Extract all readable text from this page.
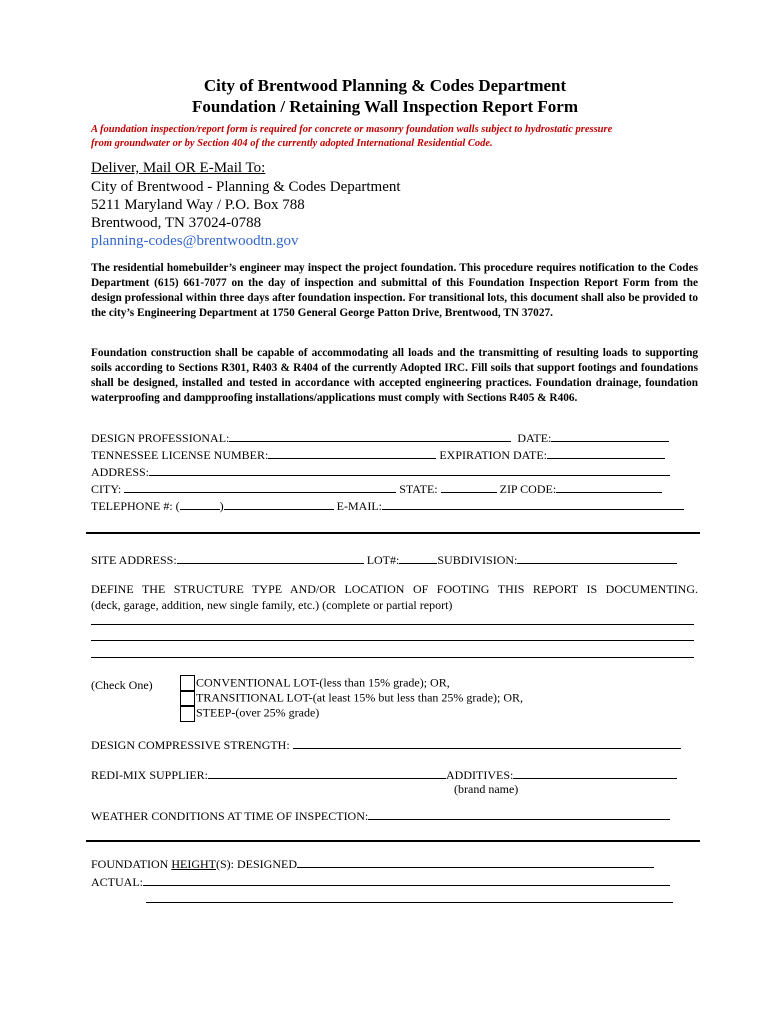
City of Brentwood Planning & Codes Department
Foundation / Retaining Wall Inspection Report Form
A foundation inspection/report form is required for concrete or masonry foundation walls subject to hydrostatic pressure
from groundwater or by Section 404 of the currently adopted International Residential Code.
Deliver, Mail OR E-Mail To:
City of Brentwood - Planning & Codes Department
5211 Maryland Way / P.O. Box 788
Brentwood, TN 37024-0788
planning-codes@brentwoodtn.gov
The residential homebuilder’s engineer may inspect the project foundation. This procedure requires notification to the Codes Department (615) 661-7077 on the day of inspection and submittal of this Foundation Inspection Report Form from the design professional within three days after foundation inspection. For transitional lots, this document shall also be provided to the city’s Engineering Department at 1750 General George Patton Drive, Brentwood, TN 37027.
Foundation construction shall be capable of accommodating all loads and the transmitting of resulting loads to supporting soils according to Sections R301, R403 & R404 of the currently Adopted IRC. Fill soils that support footings and foundations shall be designed, installed and tested in accordance with accepted engineering practices. Foundation drainage, foundation waterproofing and dampproofing installations/applications must comply with Sections R405 & R406.
DESIGN PROFESSIONAL:	DATE:
TENNESSEE LICENSE NUMBER:	EXPIRATION DATE:
ADDRESS:
CITY:	STATE:	ZIP CODE:
TELEPHONE #: (	)	E-MAIL:
SITE ADDRESS:	LOT#:	SUBDIVISION:
DEFINE THE STRUCTURE TYPE AND/OR LOCATION OF FOOTING THIS REPORT IS DOCUMENTING.
(deck, garage, addition, new single family, etc.) (complete or partial report)
(Check One)	CONVENTIONAL LOT-(less than 15% grade); OR,
TRANSITIONAL LOT-(at least 15% but less than 25% grade); OR,
STEEP-(over 25% grade)
DESIGN COMPRESSIVE STRENGTH:
REDI-MIX SUPPLIER:	ADDITIVES:
(brand name)
WEATHER CONDITIONS AT TIME OF INSPECTION:
FOUNDATION HEIGHT(S): DESIGNED
ACTUAL:
